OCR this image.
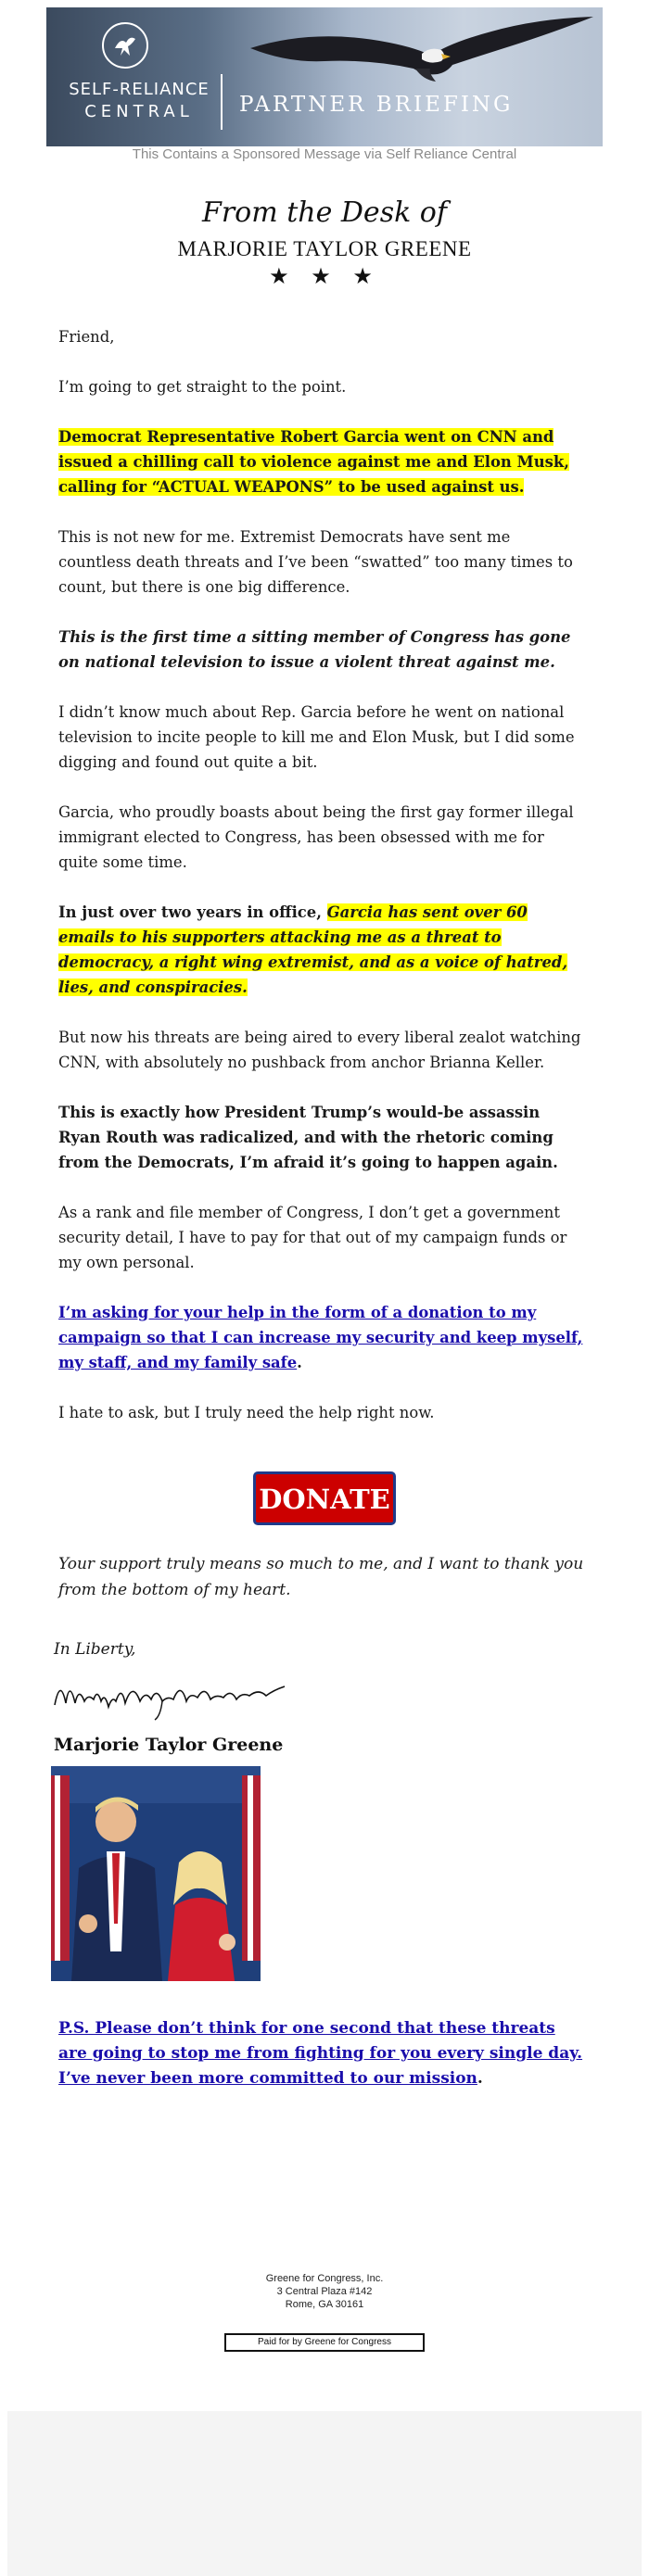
SELF-RELIANCE
CENTRAL	PARTNER BRIEFING
This Contains a Sponsored Message via Self Reliance Central
From the Desk of
MARJORIE TAYLOR GREENE
★ ★ ★

Friend,

I’m going to get straight to the point.

Democrat Representative Robert Garcia went on CNN and issued a chilling call to violence against me and Elon Musk, calling for “ACTUAL WEAPONS” to be used against us.

This is not new for me. Extremist Democrats have sent me countless death threats and I’ve been “swatted” too many times to count, but there is one big difference.

This is the first time a sitting member of Congress has gone on national television to issue a violent threat against me.

I didn’t know much about Rep. Garcia before he went on national television to incite people to kill me and Elon Musk, but I did some digging and found out quite a bit.

Garcia, who proudly boasts about being the first gay former illegal immigrant elected to Congress, has been obsessed with me for quite some time.

In just over two years in office, Garcia has sent over 60 emails to his supporters attacking me as a threat to democracy, a right wing extremist, and as a voice of hatred, lies, and conspiracies.

But now his threats are being aired to every liberal zealot watching CNN, with absolutely no pushback from anchor Brianna Keller.

This is exactly how President Trump’s would-be assassin Ryan Routh was radicalized, and with the rhetoric coming from the Democrats, I’m afraid it’s going to happen again.

As a rank and file member of Congress, I don’t get a government security detail, I have to pay for that out of my campaign funds or my own personal.

I’m asking for your help in the form of a donation to my campaign so that I can increase my security and keep myself, my staff, and my family safe.

I hate to ask, but I truly need the help right now.

DONATE
Your support truly means so much to me, and I want to thank you from the bottom of my heart.
In Liberty,
Marjorie Taylor Greene
P.S. Please don’t think for one second that these threats are going to stop me from fighting for you every single day. I’ve never been more committed to our mission.
Greene for Congress, Inc.
3 Central Plaza #142
Rome, GA 30161
Paid for by Greene for Congress
